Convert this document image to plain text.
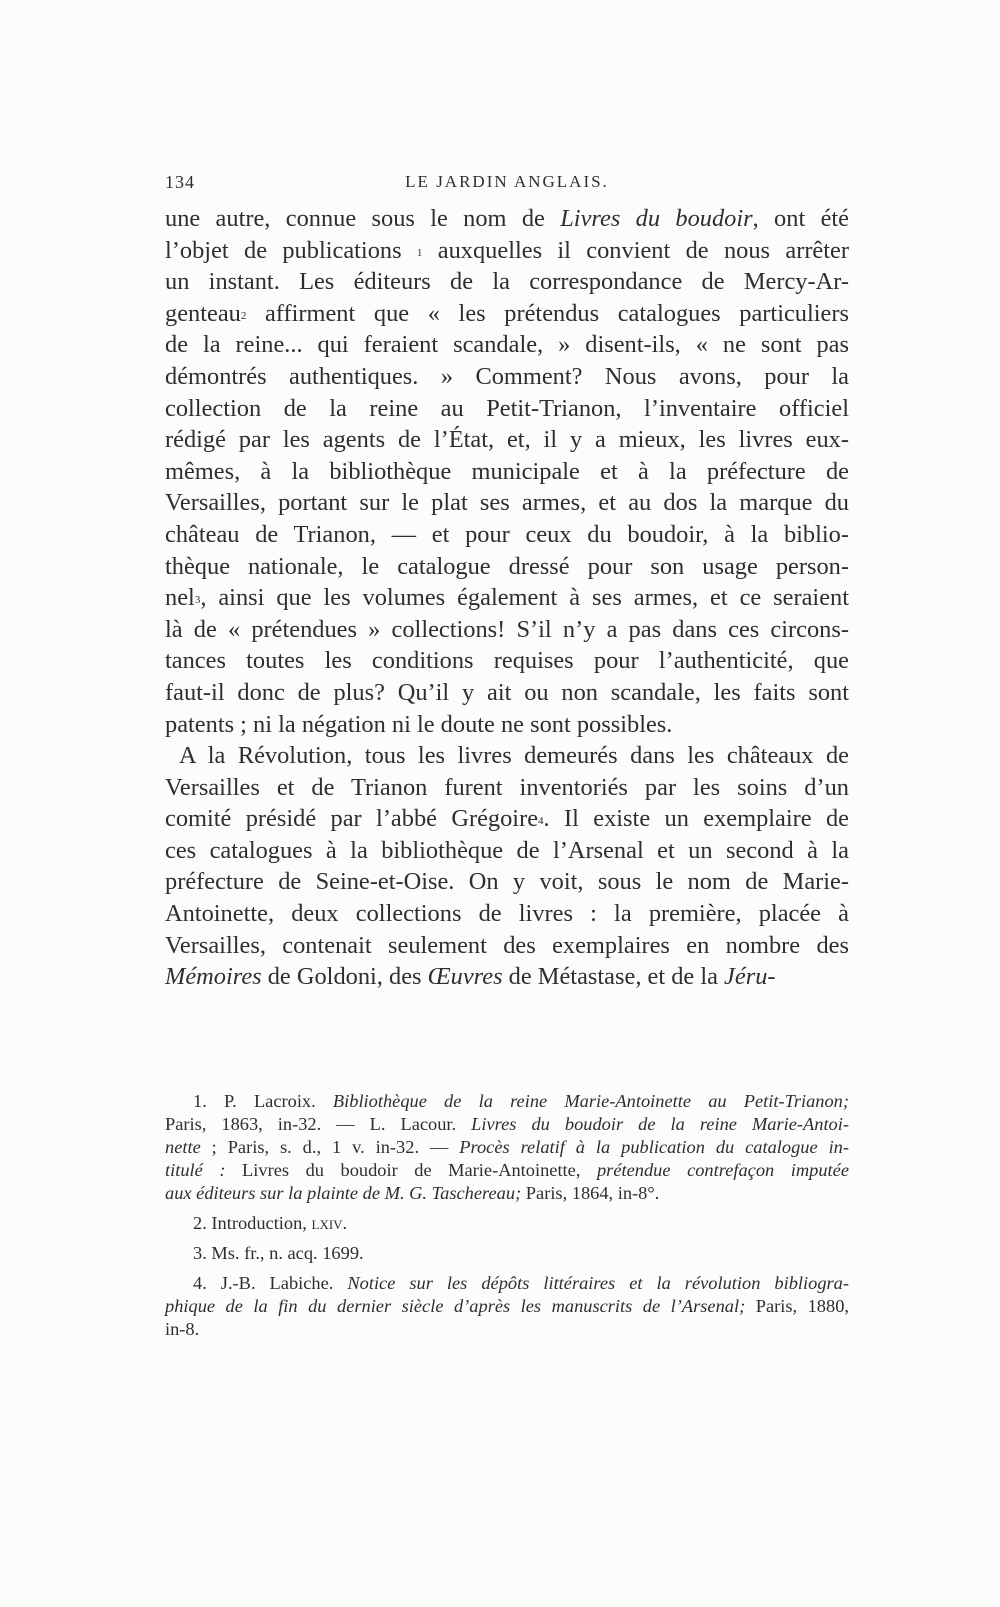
134	LE JARDIN ANGLAIS.
une autre, connue sous le nom de Livres du boudoir, ont été
l’objet de publications $^1$ auxquelles il convient de nous arrêter
un instant. Les éditeurs de la correspondance de Mercy-Ar-
genteau$^2$ affirment que « les prétendus catalogues particuliers
de la reine... qui feraient scandale, » disent-ils, « ne sont pas
démontrés authentiques. » Comment? Nous avons, pour la
collection de la reine au Petit-Trianon, l’inventaire officiel
rédigé par les agents de l’État, et, il y a mieux, les livres eux-
mêmes, à la bibliothèque municipale et à la préfecture de
Versailles, portant sur le plat ses armes, et au dos la marque du
château de Trianon, — et pour ceux du boudoir, à la biblio-
thèque nationale, le catalogue dressé pour son usage person-
nel$^3$, ainsi que les volumes également à ses armes, et ce seraient
là de « prétendues » collections! S’il n’y a pas dans ces circons-
tances toutes les conditions requises pour l’authenticité, que
faut-il donc de plus? Qu’il y ait ou non scandale, les faits sont
patents ; ni la négation ni le doute ne sont possibles.
A la Révolution, tous les livres demeurés dans les châteaux de
Versailles et de Trianon furent inventoriés par les soins d’un
comité présidé par l’abbé Grégoire$^4$. Il existe un exemplaire de
ces catalogues à la bibliothèque de l’Arsenal et un second à la
préfecture de Seine-et-Oise. On y voit, sous le nom de Marie-
Antoinette, deux collections de livres : la première, placée à
Versailles, contenait seulement des exemplaires en nombre des
Mémoires de Goldoni, des Œuvres de Métastase, et de la Jéru-
1. P. Lacroix. Bibliothèque de la reine Marie-Antoinette au Petit-Trianon;
Paris, 1863, in-32. — L. Lacour. Livres du boudoir de la reine Marie-Antoi-
nette ; Paris, s. d., 1 v. in-32. — Procès relatif à la publication du catalogue in-
titulé : Livres du boudoir de Marie-Antoinette, prétendue contrefaçon imputée
aux éditeurs sur la plainte de M. G. Taschereau; Paris, 1864, in-8°.
2. Introduction, lxiv.
3. Ms. fr., n. acq. 1699.
4. J.-B. Labiche. Notice sur les dépôts littéraires et la révolution bibliogra-
phique de la fin du dernier siècle d’après les manuscrits de l’Arsenal; Paris, 1880,
in-8.
